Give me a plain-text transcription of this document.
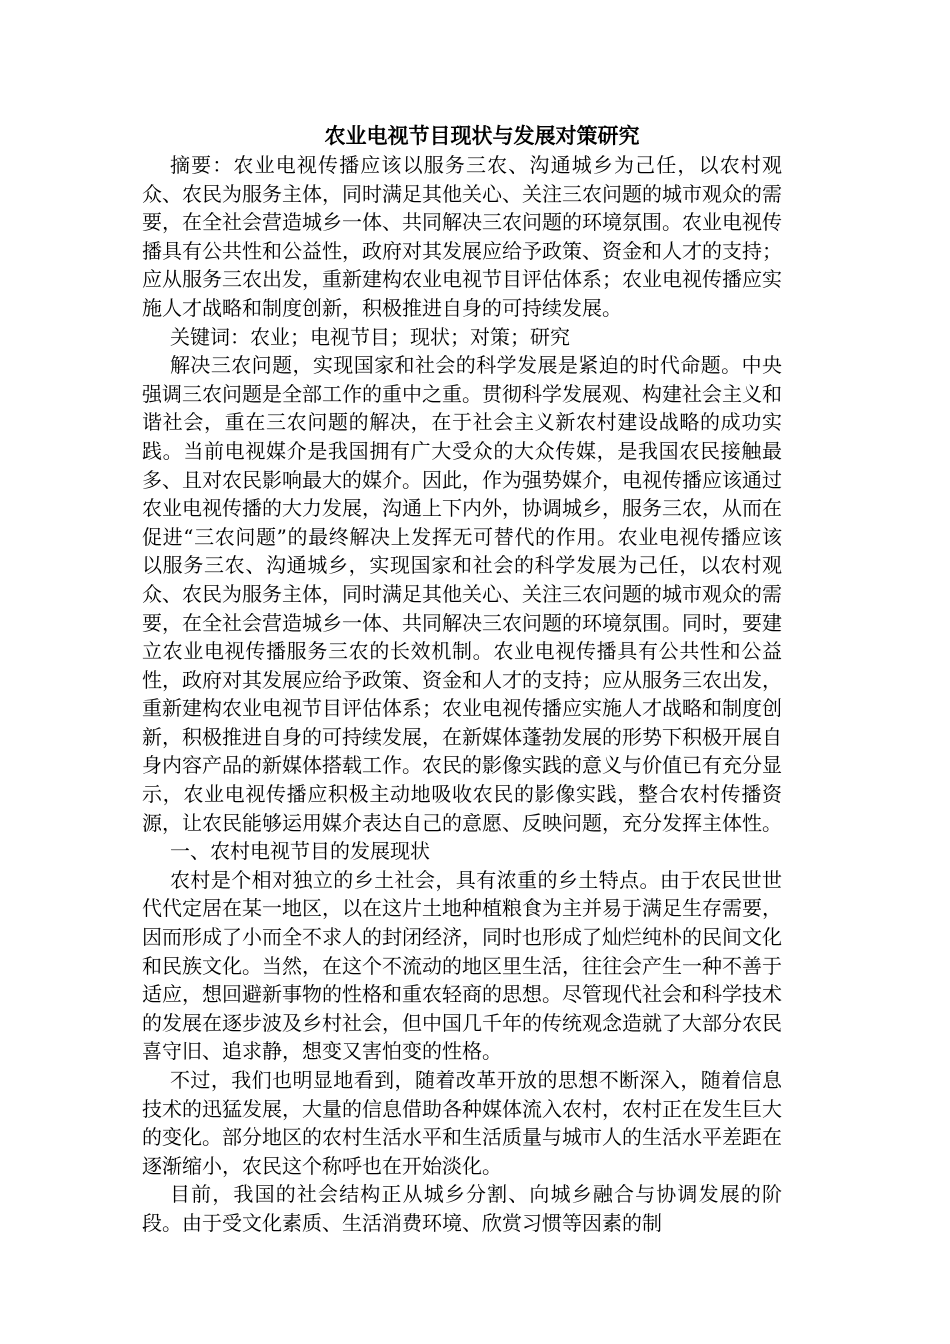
农业电视节目现状与发展对策研究

摘要：农业电视传播应该以服务三农、沟通城乡为己任，以农村观众、农民为服务主体，同时满足其他关心、关注三农问题的城市观众的需要，在全社会营造城乡一体、共同解决三农问题的环境氛围。农业电视传播具有公共性和公益性，政府对其发展应给予政策、资金和人才的支持；应从服务三农出发，重新建构农业电视节目评估体系；农业电视传播应实施人才战略和制度创新，积极推进自身的可持续发展。

关键词：农业；电视节目；现状；对策；研究

解决三农问题，实现国家和社会的科学发展是紧迫的时代命题。中央强调三农问题是全部工作的重中之重。贯彻科学发展观、构建社会主义和谐社会，重在三农问题的解决，在于社会主义新农村建设战略的成功实践。当前电视媒介是我国拥有广大受众的大众传媒，是我国农民接触最多、且对农民影响最大的媒介。因此，作为强势媒介，电视传播应该通过农业电视传播的大力发展，沟通上下内外，协调城乡，服务三农，从而在促进“三农问题”的最终解决上发挥无可替代的作用。农业电视传播应该以服务三农、沟通城乡，实现国家和社会的科学发展为己任，以农村观众、农民为服务主体，同时满足其他关心、关注三农问题的城市观众的需要，在全社会营造城乡一体、共同解决三农问题的环境氛围。同时，要建立农业电视传播服务三农的长效机制。农业电视传播具有公共性和公益性，政府对其发展应给予政策、资金和人才的支持；应从服务三农出发，重新建构农业电视节目评估体系；农业电视传播应实施人才战略和制度创新，积极推进自身的可持续发展，在新媒体蓬勃发展的形势下积极开展自身内容产品的新媒体搭载工作。农民的影像实践的意义与价值已有充分显示，农业电视传播应积极主动地吸收农民的影像实践，整合农村传播资源，让农民能够运用媒介表达自己的意愿、反映问题，充分发挥主体性。

一、农村电视节目的发展现状

农村是个相对独立的乡土社会，具有浓重的乡土特点。由于农民世世代代定居在某一地区，以在这片土地种植粮食为主并易于满足生存需要，因而形成了小而全不求人的封闭经济，同时也形成了灿烂纯朴的民间文化和民族文化。当然，在这个不流动的地区里生活，往往会产生一种不善于适应，想回避新事物的性格和重农轻商的思想。尽管现代社会和科学技术的发展在逐步波及乡村社会，但中国几千年的传统观念造就了大部分农民喜守旧、追求静，想变又害怕变的性格。

不过，我们也明显地看到，随着改革开放的思想不断深入，随着信息技术的迅猛发展，大量的信息借助各种媒体流入农村，农村正在发生巨大的变化。部分地区的农村生活水平和生活质量与城市人的生活水平差距在逐渐缩小，农民这个称呼也在开始淡化。

目前，我国的社会结构正从城乡分割、向城乡融合与协调发展的阶段。由于受文化素质、生活消费环境、欣赏习惯等因素的制
